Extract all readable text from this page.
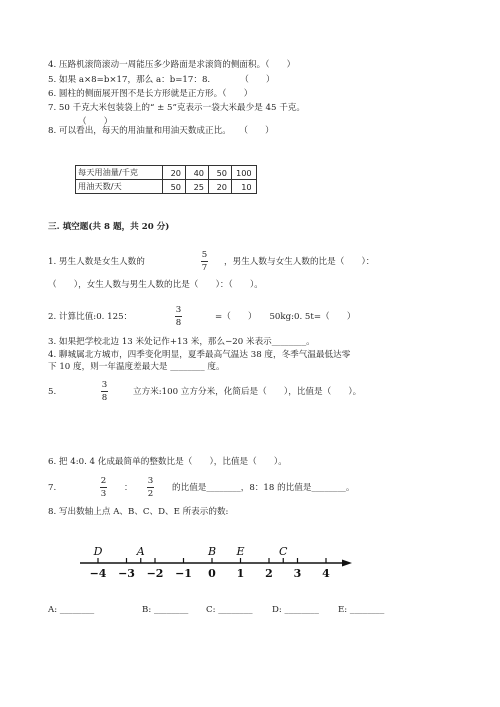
4. 压路机滚筒滚动一周能压多少路面是求滚筒的侧面积。（　　）
5. 如果 a×8=b×17，那么 a：b=17：8.　　　　（　　）
6. 圆柱的侧面展开图不是长方形就是正方形。（　　）
7. 50 千克大米包装袋上的“ ± 5”克表示一袋大米最少是 45 千克。
（　　）
8. 可以看出，每天的用油量和用油天数成正比。　　（　　）
每天用油量/千克	20	40	50	100
用油天数/天	50	25	20	10
三. 填空题(共 8 题，共 20 分)
1. 男生人数是女生人数的
5
7
，男生人数与女生人数的比是（　　）：
（　　），女生人数与男生人数的比是（　　）：（　　）。
2. 计算比值:0. 125：
3
8
=（　　）　　50kg:0. 5t=（　　）
3. 如果把学校北边 13 米处记作+13 米，那么−20 米表示________。
4. 聊城属北方城市，四季变化明显，夏季最高气温达 38 度，冬季气温最低达零
下 10 度，则一年温度差最大是 ________ 度。
5.
3
8
立方米:100 立方分米，化简后是（　　），比值是（　　）。
6. 把 4:0. 4 化成最简单的整数比是（　　），比值是（　　）。
7.
2
3
：
3
2
的比值是________，8：18 的比值是________。
8. 写出数轴上点 A、B、C、D、E 所表示的数:
−4 −3 −2 −1 0 1 2 3 4
D	A	B E	C
A: ________	B: ________ C: ________ D: ________ E: ________
